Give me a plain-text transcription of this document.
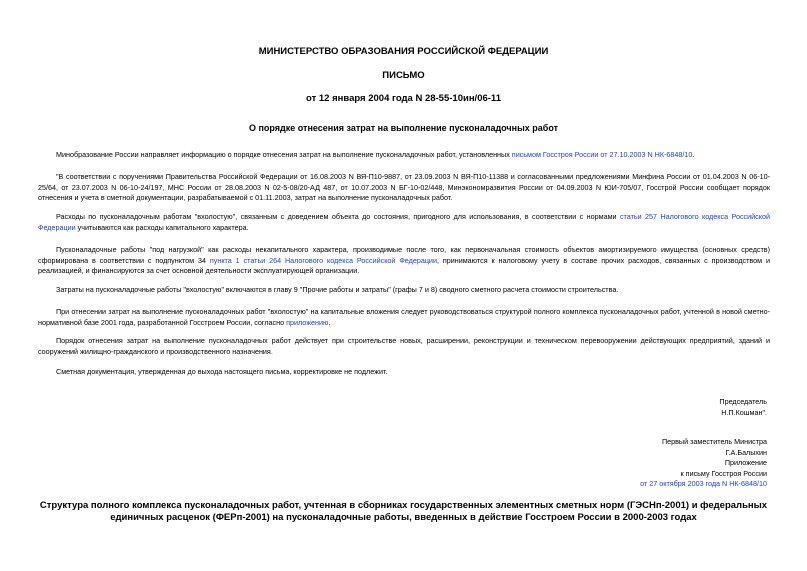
МИНИСТЕРСТВО ОБРАЗОВАНИЯ РОССИЙСКОЙ ФЕДЕРАЦИИ
ПИСЬМО
от 12 января 2004 года N 28-55-10ин/06-11
О порядке отнесения затрат на выполнение пусконаладочных работ
Минобразование России направляет информацию о порядке отнесения затрат на выполнение пусконаладочных работ, установленных письмом Госстроя России от 27.10.2003 N НК-6848/10.
"В соответствии с поручениями Правительства Российской Федерации от 16.08.2003 N ВЯ-П10-9887, от 23.09.2003 N ВЯ-П10-11388 и согласованными предложениями Минфина России от 01.04.2003 N 06-10-25/64, от 23.07.2003 N 06-10-24/197, МНС России от 28.08.2003 N 02-5-08/20-АД 487, от 10.07.2003 N БГ-10-02/448, Минэкономразвития России от 04.09.2003 N ЮИ-705/07, Госстрой России сообщает порядок отнесения и учета в сметной документации, разрабатываемой с 01.11.2003, затрат на выполнение пусконаладочных работ.
Расходы по пусконаладочным работам "вхолостую", связанным с доведением объекта до состояния, пригодного для использования, в соответствии с нормами статьи 257 Налогового кодекса Российской Федерации учитываются как расходы капитального характера.
Пусконаладочные работы "под нагрузкой" как расходы некапитального характера, производимые после того, как первоначальная стоимость объектов амортизируемого имущества (основных средств) сформирована в соответствии с подпунктом 34 пункта 1 статьи 264 Налогового кодекса Российской Федерации, принимаются к налоговому учету в составе прочих расходов, связанных с производством и реализацией, и финансируются за счет основной деятельности эксплуатирующей организации.
Затраты на пусконаладочные работы "вхолостую" включаются в главу 9 "Прочие работы и затраты" (графы 7 и 8) сводного сметного расчета стоимости строительства.
При отнесении затрат на выполнение пусконаладочных работ "вхолостую" на капитальные вложения следует руководствоваться структурой полного комплекса пусконаладочных работ, учтенной в новой сметно-нормативной базе 2001 года, разработанной Госстроем России, согласно приложению.
Порядок отнесения затрат на выполнение пусконаладочных работ действует при строительстве новых, расширении, реконструкции и техническом перевооружении действующих предприятий, зданий и сооружений жилищно-гражданского и производственного назначения.
Сметная документация, утвержденная до выхода настоящего письма, корректировке не подлежит.
Председатель
Н.П.Кошман".
Первый заместитель Министра
Г.А.Балыхин
Приложение
к письму Госстроя России
от 27 октября 2003 года N НК-6848/10
Структура полного комплекса пусконаладочных работ, учтенная в сборниках государственных элементных сметных норм (ГЭСНп-2001) и федеральных единичных расценок (ФЕРп-2001) на пусконаладочные работы, введенных в действие Госстроем России в 2000-2003 годах
